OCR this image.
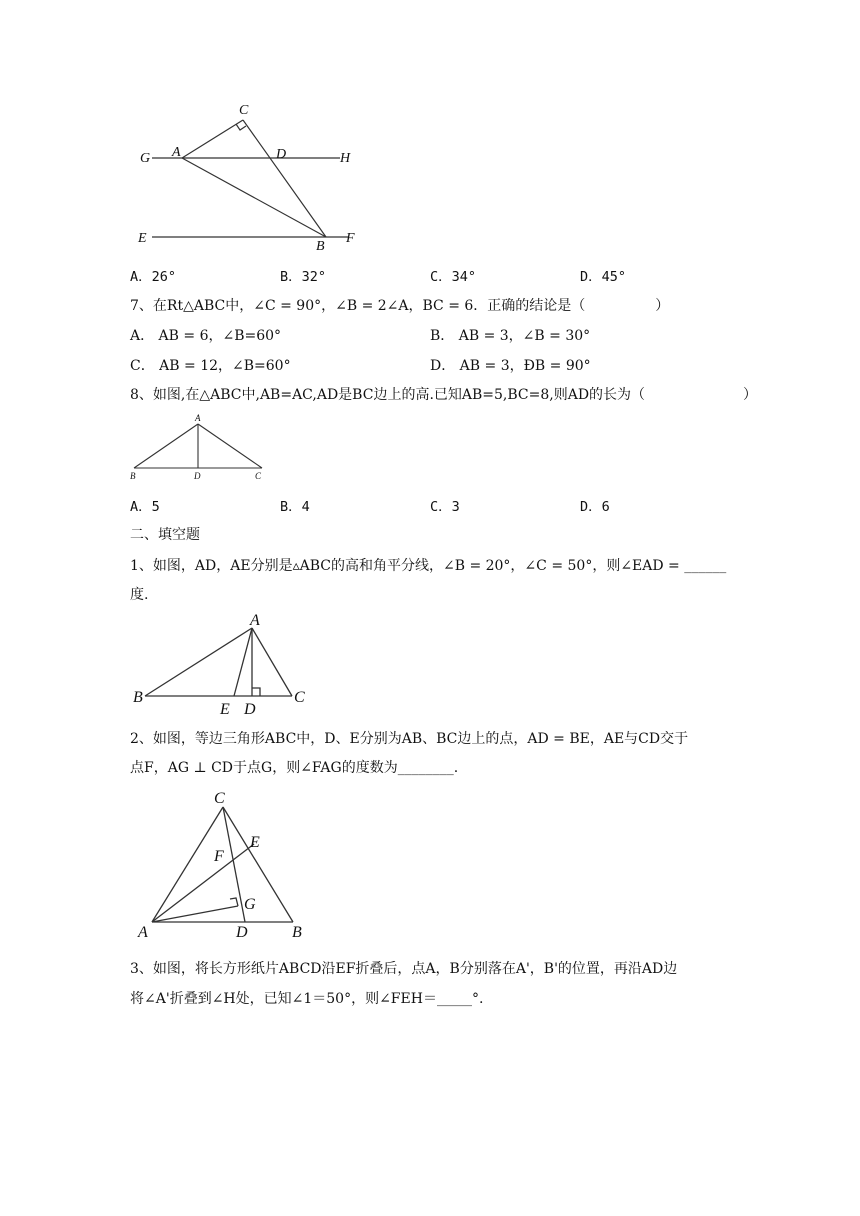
C
G A	D	H
E
B
F
A．26°	B．32°	C．34°	D．45°
7、在Rt△ABC中，∠C = 90°，∠B = 2∠A，BC = 6．正确的结论是（　　　　　）
A． AB = 6，∠B=60°	B． AB = 3，∠B = 30°
C． AB = 12，∠B=60°	D． AB = 3，ÐB = 90°
8、如图,在△ABC中,AB=AC,AD是BC边上的高.已知AB=5,BC=8,则AD的长为（　　　　　　　）
A
B	D	C
A．5	B．4	C．3	D．6
二、填空题
1、如图，AD，AE分别是▵ABC的高和角平分线，∠B = 20°，∠C = 50°，则∠EAD = ______
度.
A
B	C
E D
2、如图，等边三角形ABC中，D、E分别为AB、BC边上的点，AD = BE，AE与CD交于
点F，AG ⊥ CD于点G，则∠FAG的度数为________.
C
E
F
G
A	D	B
3、如图，将长方形纸片ABCD沿EF折叠后，点A，B分别落在A'，B'的位置，再沿AD边
将∠A'折叠到∠H处，已知∠1＝50°，则∠FEH＝_____°.
